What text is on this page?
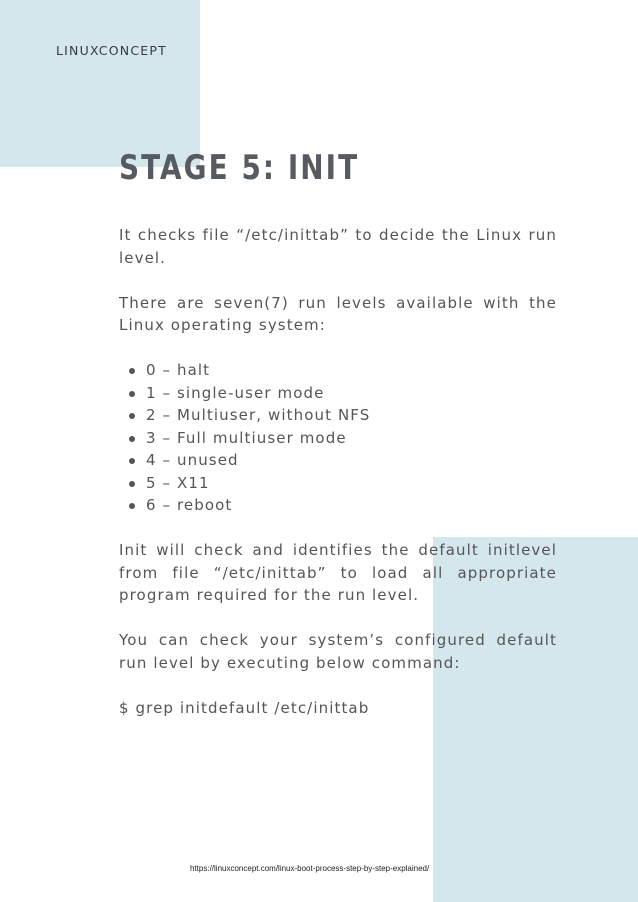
LINUXCONCEPT
STAGE 5: INIT

It checks file “/etc/inittab” to decide the Linux run level.

There are seven(7) run levels available with the Linux operating system:

0 – halt
1 – single-user mode
2 – Multiuser, without NFS
3 – Full multiuser mode
4 – unused
5 – X11
6 – reboot

Init will check and identifies the default initlevel from file “/etc/inittab” to load all appropriate program required for the run level.

You can check your system’s configured default run level by executing below command:

$ grep initdefault /etc/inittab

https://linuxconcept.com/linux-boot-process-step-by-step-explained/
